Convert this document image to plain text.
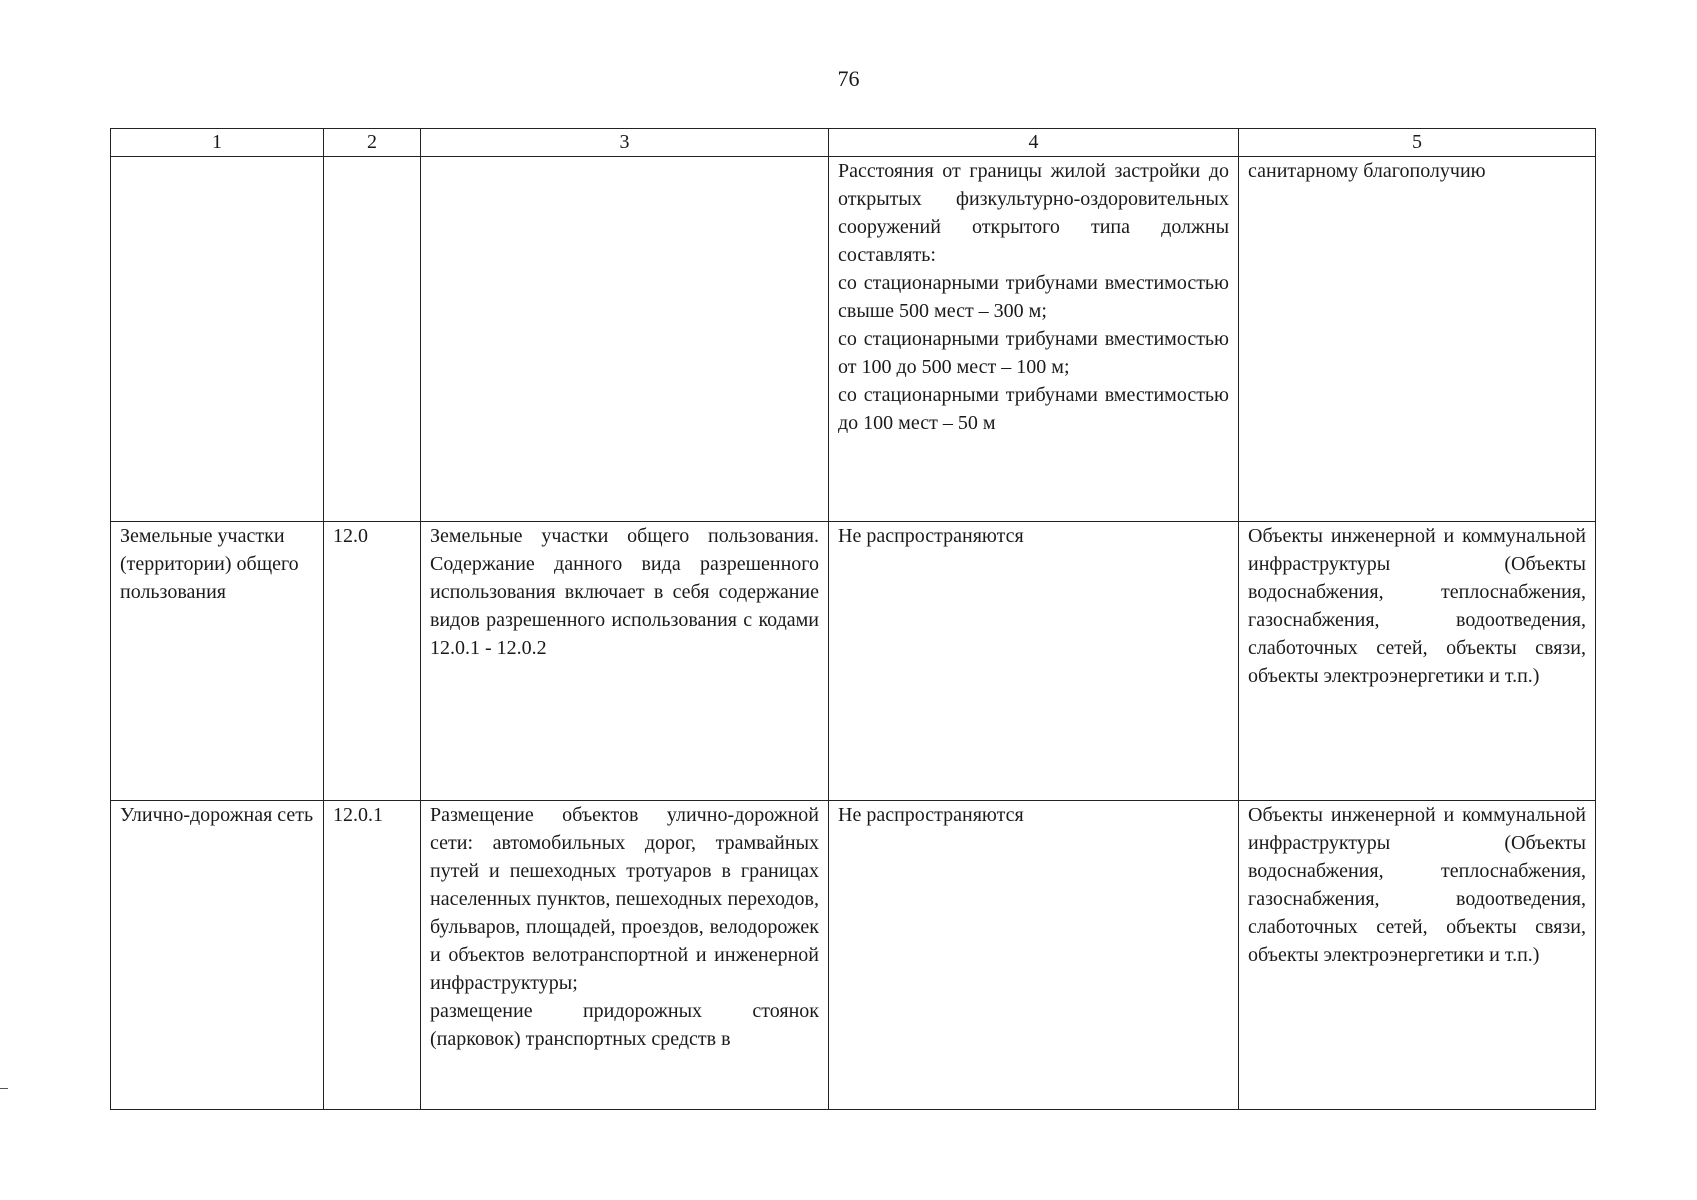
76
1	2	3	4	5

			Расстояния от границы жилой застройки до открытых физкультурно-оздоровительных сооружений открытого типа должны составлять:
со стационарными трибунами вместимостью свыше 500 мест – 300 м;
со стационарными трибунами вместимостью от 100 до 500 мест – 100 м;
со стационарными трибунами вместимостью до 100 мест – 50 м	санитарному благополучию
Земельные участки (территории) общего пользования	12.0	Земельные участки общего пользования. Содержание данного вида разрешенного использования включает в себя содержание видов разрешенного использования с кодами 12.0.1 - 12.0.2	Не распространяются	Объекты инженерной и коммунальной инфраструктуры (Объекты водоснабжения, теплоснабжения, газоснабжения, водоотведения, слаботочных сетей, объекты связи, объекты электроэнергетики и т.п.)
Улично-дорожная сеть	12.0.1	Размещение объектов улично-дорожной сети: автомобильных дорог, трамвайных путей и пешеходных тротуаров в границах населенных пунктов, пешеходных переходов, бульваров, площадей, проездов, велодорожек и объектов велотранспортной и инженерной инфраструктуры;
размещение придорожных стоянок (парковок) транспортных средств в	Не распространяются	Объекты инженерной и коммунальной инфраструктуры (Объекты водоснабжения, теплоснабжения, газоснабжения, водоотведения, слаботочных сетей, объекты связи, объекты электроэнергетики и т.п.)
